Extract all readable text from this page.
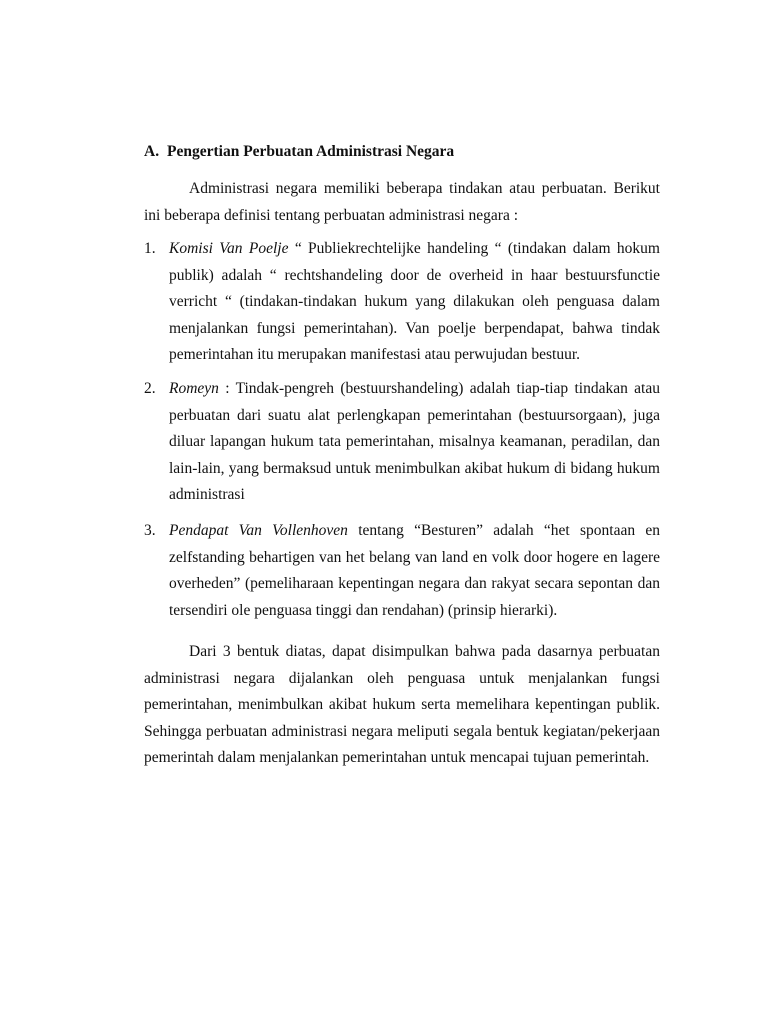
A. Pengertian Perbuatan Administrasi Negara

Administrasi negara memiliki beberapa tindakan atau perbuatan. Berikut ini beberapa definisi tentang perbuatan administrasi negara :

1. Komisi Van Poelje “ Publiekrechtelijke handeling “ (tindakan dalam hokum publik) adalah “ rechtshandeling door de overheid in haar bestuursfunctie verricht “ (tindakan-tindakan hukum yang dilakukan oleh penguasa dalam menjalankan fungsi pemerintahan). Van poelje berpendapat, bahwa tindak pemerintahan itu merupakan manifestasi atau perwujudan bestuur.
2. Romeyn : Tindak-pengreh (bestuurshandeling) adalah tiap-tiap tindakan atau perbuatan dari suatu alat perlengkapan pemerintahan (bestuursorgaan), juga diluar lapangan hukum tata pemerintahan, misalnya keamanan, peradilan, dan lain-lain, yang bermaksud untuk menimbulkan akibat hukum di bidang hukum administrasi
3. Pendapat Van Vollenhoven tentang “Besturen” adalah “het spontaan en zelfstanding behartigen van het belang van land en volk door hogere en lagere overheden” (pemeliharaan kepentingan negara dan rakyat secara sepontan dan tersendiri ole penguasa tinggi dan rendahan) (prinsip hierarki).

Dari 3 bentuk diatas, dapat disimpulkan bahwa pada dasarnya perbuatan administrasi negara dijalankan oleh penguasa untuk menjalankan fungsi pemerintahan, menimbulkan akibat hukum serta memelihara kepentingan publik. Sehingga perbuatan administrasi negara meliputi segala bentuk kegiatan/pekerjaan pemerintah dalam menjalankan pemerintahan untuk mencapai tujuan pemerintah.
